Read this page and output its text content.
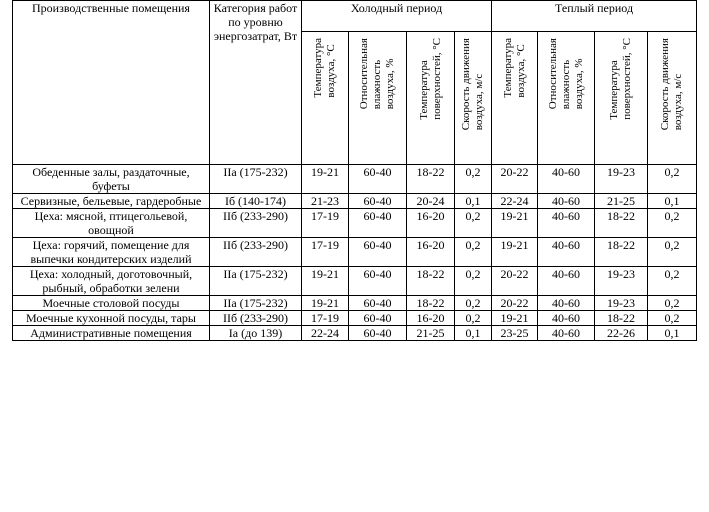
Производственные помещения	Категория работ по уровню энергозатрат, Вт	Холодный период				Теплый период			
		Температура
воздуха, °С	Относительная
влажность
воздуха, %	Температура
поверхностей, °С	Скорость движения
воздуха, м/с	Температура
воздуха, °С	Относительная
влажность
воздуха, %	Температура
поверхностей, °С	Скорость движения
воздуха, м/с
Обеденные залы, раздаточные, буфеты	IIa (175-232)	19-21	60-40	18-22	0,2	20-22	40-60	19-23	0,2
Сервизные, бельевые, гардеробные	Iб (140-174)	21-23	60-40	20-24	0,1	22-24	40-60	21-25	0,1
Цеха: мясной, птицегольевой, овощной	IIб (233-290)	17-19	60-40	16-20	0,2	19-21	40-60	18-22	0,2
Цеха: горячий, помещение для выпечки кондитерских изделий	IIб (233-290)	17-19	60-40	16-20	0,2	19-21	40-60	18-22	0,2
Цеха: холодный, доготовочный, рыбный, обработки зелени	IIa (175-232)	19-21	60-40	18-22	0,2	20-22	40-60	19-23	0,2
Моечные столовой посуды	IIa (175-232)	19-21	60-40	18-22	0,2	20-22	40-60	19-23	0,2
Моечные кухонной посуды, тары	IIб (233-290)	17-19	60-40	16-20	0,2	19-21	40-60	18-22	0,2
Административные помещения	Ia (до 139)	22-24	60-40	21-25	0,1	23-25	40-60	22-26	0,1
